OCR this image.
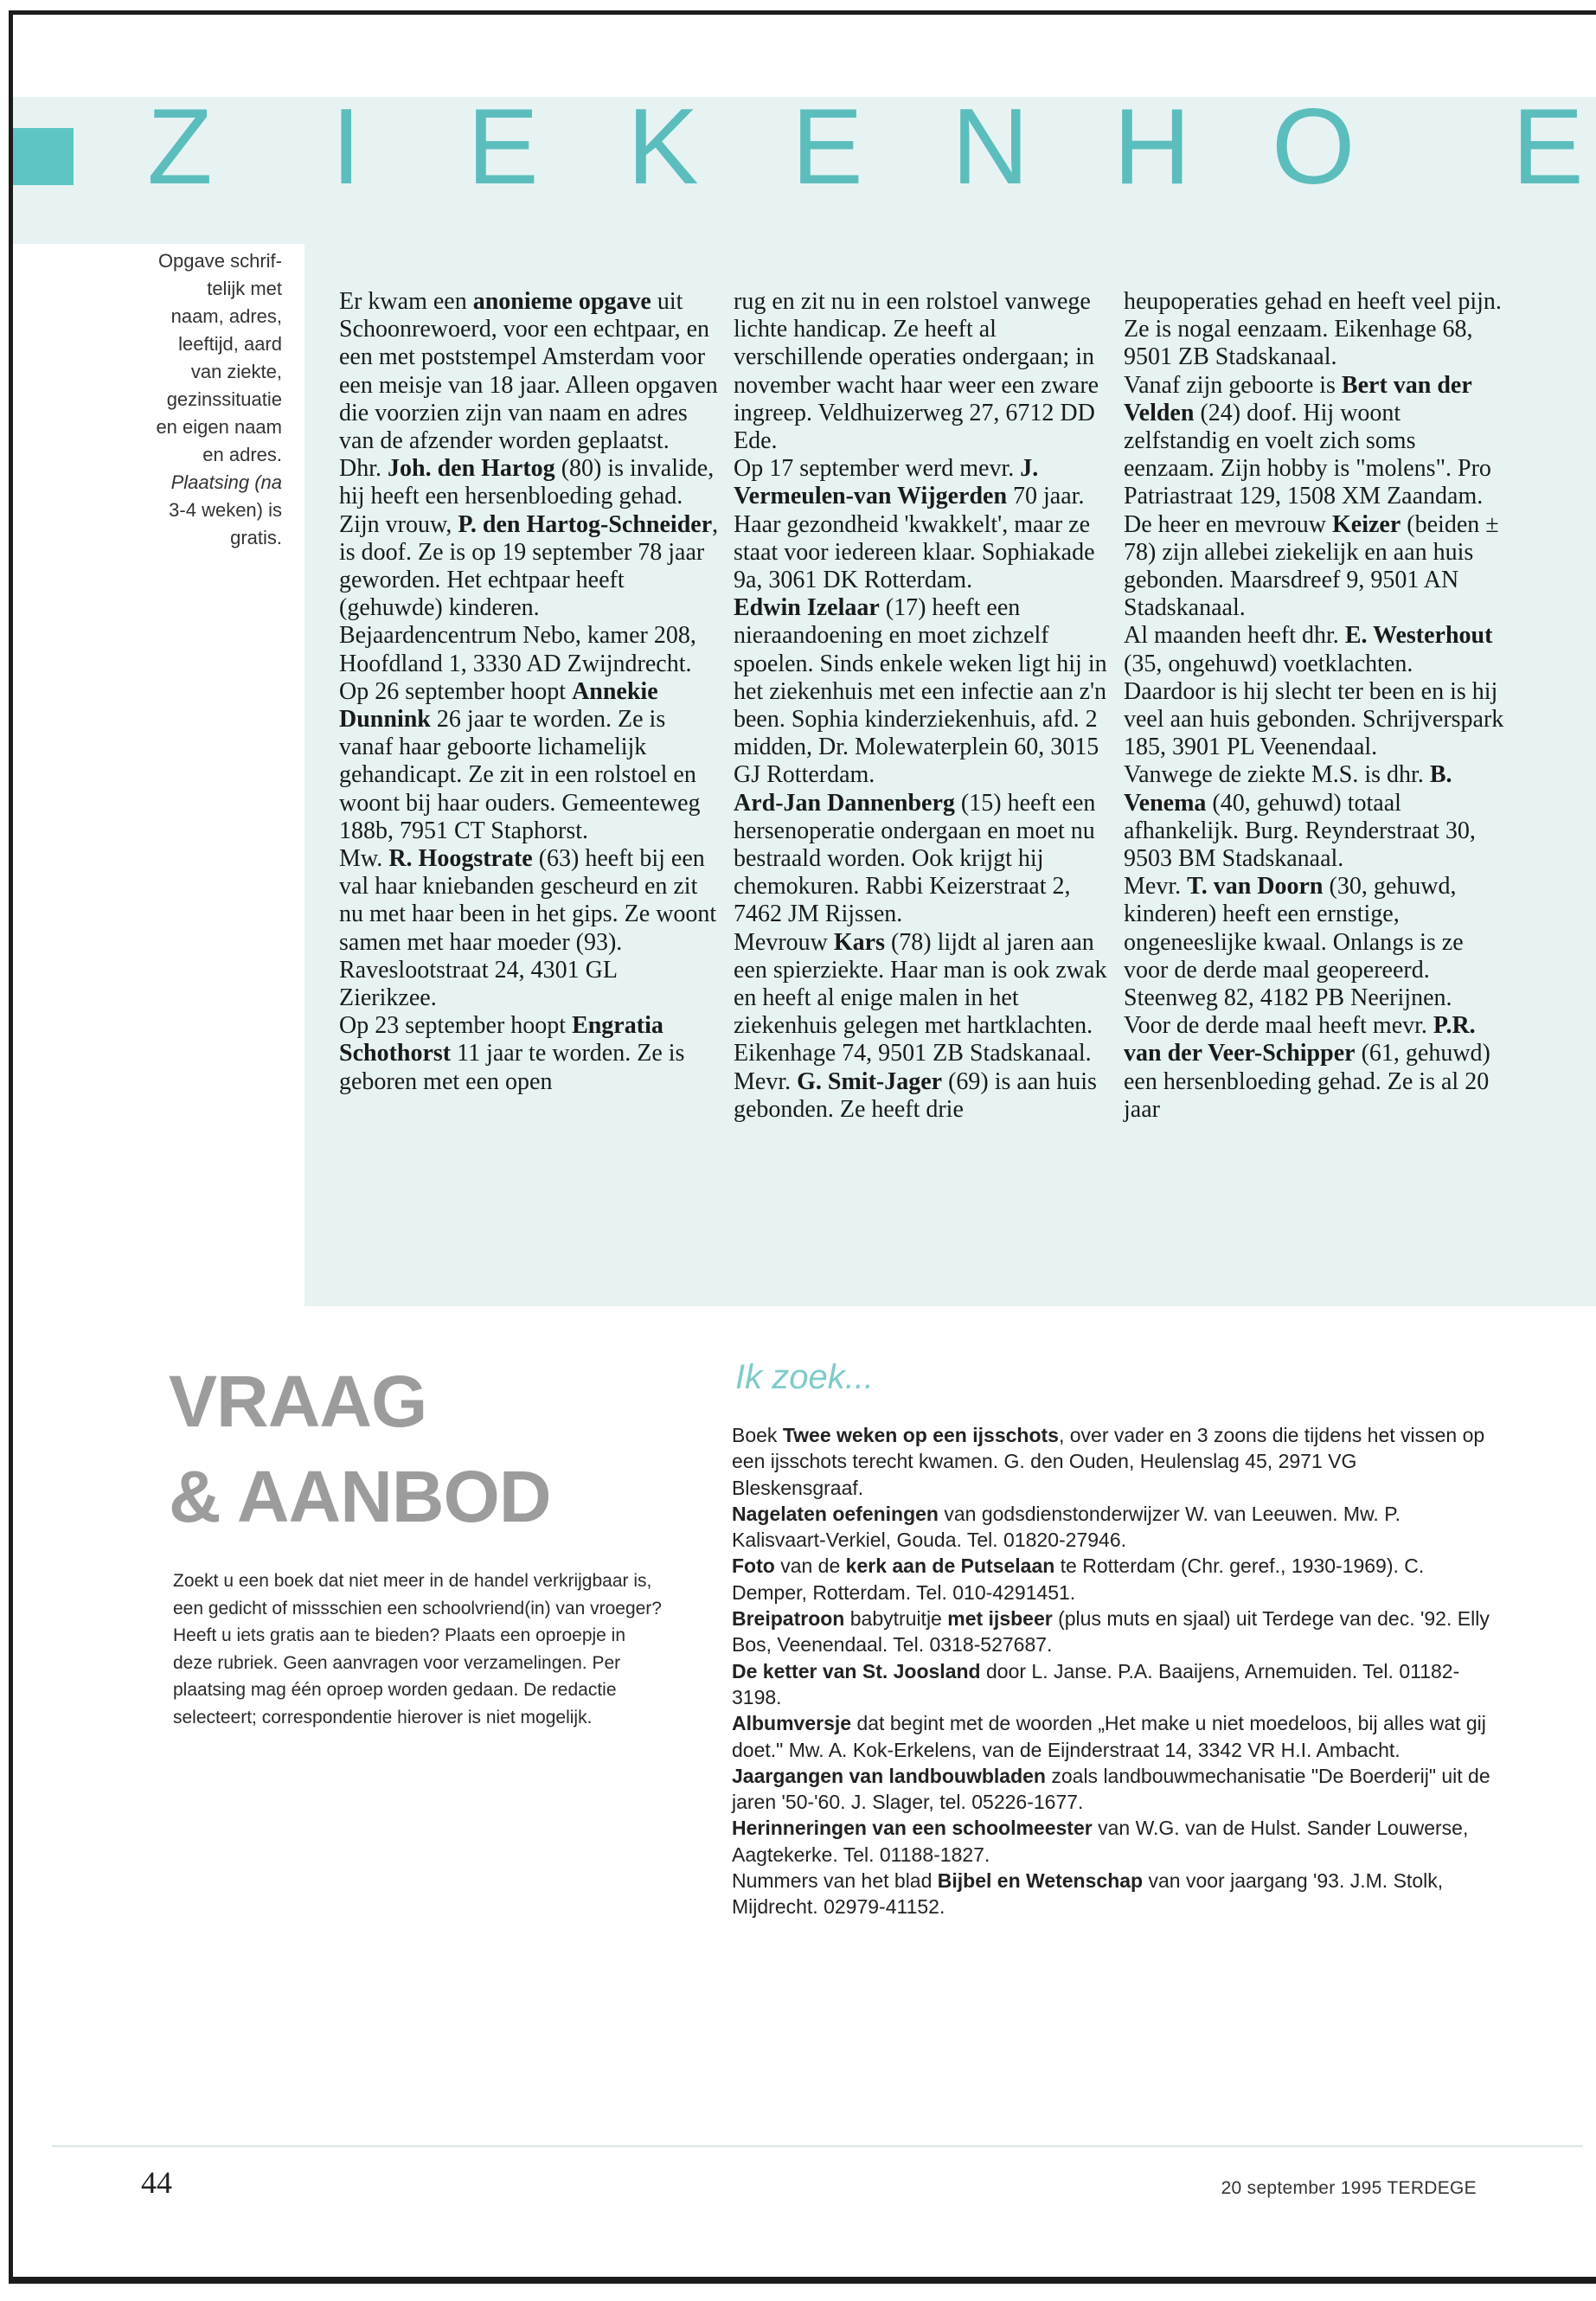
Z I E K E N H O E

Opgave schrif-

telijk met

naam, adres,

leeftijd, aard

van ziekte,

gezinssituatie

en eigen naam

en adres.

Plaatsing (na

3-4 weken) is

gratis.

Er kwam een anonieme opgave uit Schoonrewoerd, voor een echtpaar, en een met poststempel Amsterdam voor een meisje van 18 jaar. Alleen opgaven die voorzien zijn van naam en adres van de afzender worden geplaatst.

Dhr. Joh. den Hartog (80) is invalide, hij heeft een hersenbloeding gehad. Zijn vrouw, P. den Hartog-Schneider, is doof. Ze is op 19 september 78 jaar geworden. Het echtpaar heeft (gehuwde) kinderen. Bejaardencentrum Nebo, kamer 208, Hoofdland 1, 3330 AD Zwijndrecht.

Op 26 september hoopt Annekie Dunnink 26 jaar te worden. Ze is vanaf haar geboorte lichamelijk gehandicapt. Ze zit in een rolstoel en woont bij haar ouders. Gemeenteweg 188b, 7951 CT Staphorst.

Mw. R. Hoogstrate (63) heeft bij een val haar kniebanden gescheurd en zit nu met haar been in het gips. Ze woont samen met haar moeder (93). Raveslootstraat 24, 4301 GL Zierikzee.

Op 23 september hoopt Engratia Schothorst 11 jaar te worden. Ze is geboren met een open

rug en zit nu in een rolstoel vanwege lichte handicap. Ze heeft al verschillende operaties ondergaan; in november wacht haar weer een zware ingreep. Veldhuizerweg 27, 6712 DD Ede.

Op 17 september werd mevr. J. Vermeulen-van Wijgerden 70 jaar. Haar gezondheid 'kwakkelt', maar ze staat voor iedereen klaar. Sophiakade 9a, 3061 DK Rotterdam.

Edwin Izelaar (17) heeft een nieraandoening en moet zichzelf spoelen. Sinds enkele weken ligt hij in het ziekenhuis met een infectie aan z'n been. Sophia kinderziekenhuis, afd. 2 midden, Dr. Molewaterplein 60, 3015 GJ Rotterdam.

Ard-Jan Dannenberg (15) heeft een hersenoperatie ondergaan en moet nu bestraald worden. Ook krijgt hij chemokuren. Rabbi Keizerstraat 2, 7462 JM Rijssen.

Mevrouw Kars (78) lijdt al jaren aan een spierziekte. Haar man is ook zwak en heeft al enige malen in het ziekenhuis gelegen met hartklachten. Eikenhage 74, 9501 ZB Stadskanaal.

Mevr. G. Smit-Jager (69) is aan huis gebonden. Ze heeft drie

heupoperaties gehad en heeft veel pijn. Ze is nogal eenzaam. Eikenhage 68, 9501 ZB Stadskanaal.

Vanaf zijn geboorte is Bert van der Velden (24) doof. Hij woont zelfstandig en voelt zich soms eenzaam. Zijn hobby is "molens". Pro Patriastraat 129, 1508 XM Zaandam.

De heer en mevrouw Keizer (beiden ± 78) zijn allebei ziekelijk en aan huis gebonden. Maarsdreef 9, 9501 AN Stadskanaal.

Al maanden heeft dhr. E. Westerhout (35, ongehuwd) voetklachten. Daardoor is hij slecht ter been en is hij veel aan huis gebonden. Schrijverspark 185, 3901 PL Veenendaal.

Vanwege de ziekte M.S. is dhr. B. Venema (40, gehuwd) totaal afhankelijk. Burg. Reynderstraat 30, 9503 BM Stadskanaal.

Mevr. T. van Doorn (30, gehuwd, kinderen) heeft een ernstige, ongeneeslijke kwaal. Onlangs is ze voor de derde maal geopereerd. Steenweg 82, 4182 PB Neerijnen.

Voor de derde maal heeft mevr. P.R. van der Veer-Schipper (61, gehuwd) een hersenbloeding gehad. Ze is al 20 jaar

VRAAG
& AANBOD
Zoekt u een boek dat niet meer in de handel verkrijgbaar is, een gedicht of missschien een schoolvriend(in) van vroeger? Heeft u iets gratis aan te bieden? Plaats een oproepje in deze rubriek. Geen aanvragen voor verzamelingen. Per plaatsing mag één oproep worden gedaan. De redactie selecteert; correspondentie hierover is niet mogelijk.
Ik zoek...

Boek Twee weken op een ijsschots, over vader en 3 zoons die tijdens het vissen op een ijsschots terecht kwamen. G. den Ouden, Heulenslag 45, 2971 VG Bleskensgraaf.

Nagelaten oefeningen van godsdienstonderwijzer W. van Leeuwen. Mw. P. Kalisvaart-Verkiel, Gouda. Tel. 01820-27946.

Foto van de kerk aan de Putselaan te Rotterdam (Chr. geref., 1930-1969). C. Demper, Rotterdam. Tel. 010-4291451.

Breipatroon babytruitje met ijsbeer (plus muts en sjaal) uit Terdege van dec. '92. Elly Bos, Veenendaal. Tel. 0318-527687.

De ketter van St. Joosland door L. Janse. P.A. Baaijens, Arnemuiden. Tel. 01182-3198.

Albumversje dat begint met de woorden „Het make u niet moedeloos, bij alles wat gij doet." Mw. A. Kok-Erkelens, van de Eijnderstraat 14, 3342 VR H.I. Ambacht.

Jaargangen van landbouwbladen zoals landbouwmechanisatie "De Boerderij" uit de jaren '50-'60. J. Slager, tel. 05226-1677.

Herinneringen van een schoolmeester van W.G. van de Hulst. Sander Louwerse, Aagtekerke. Tel. 01188-1827.

Nummers van het blad Bijbel en Wetenschap van voor jaargang '93. J.M. Stolk, Mijdrecht. 02979-41152.

44	20 september 1995 TERDEGE
